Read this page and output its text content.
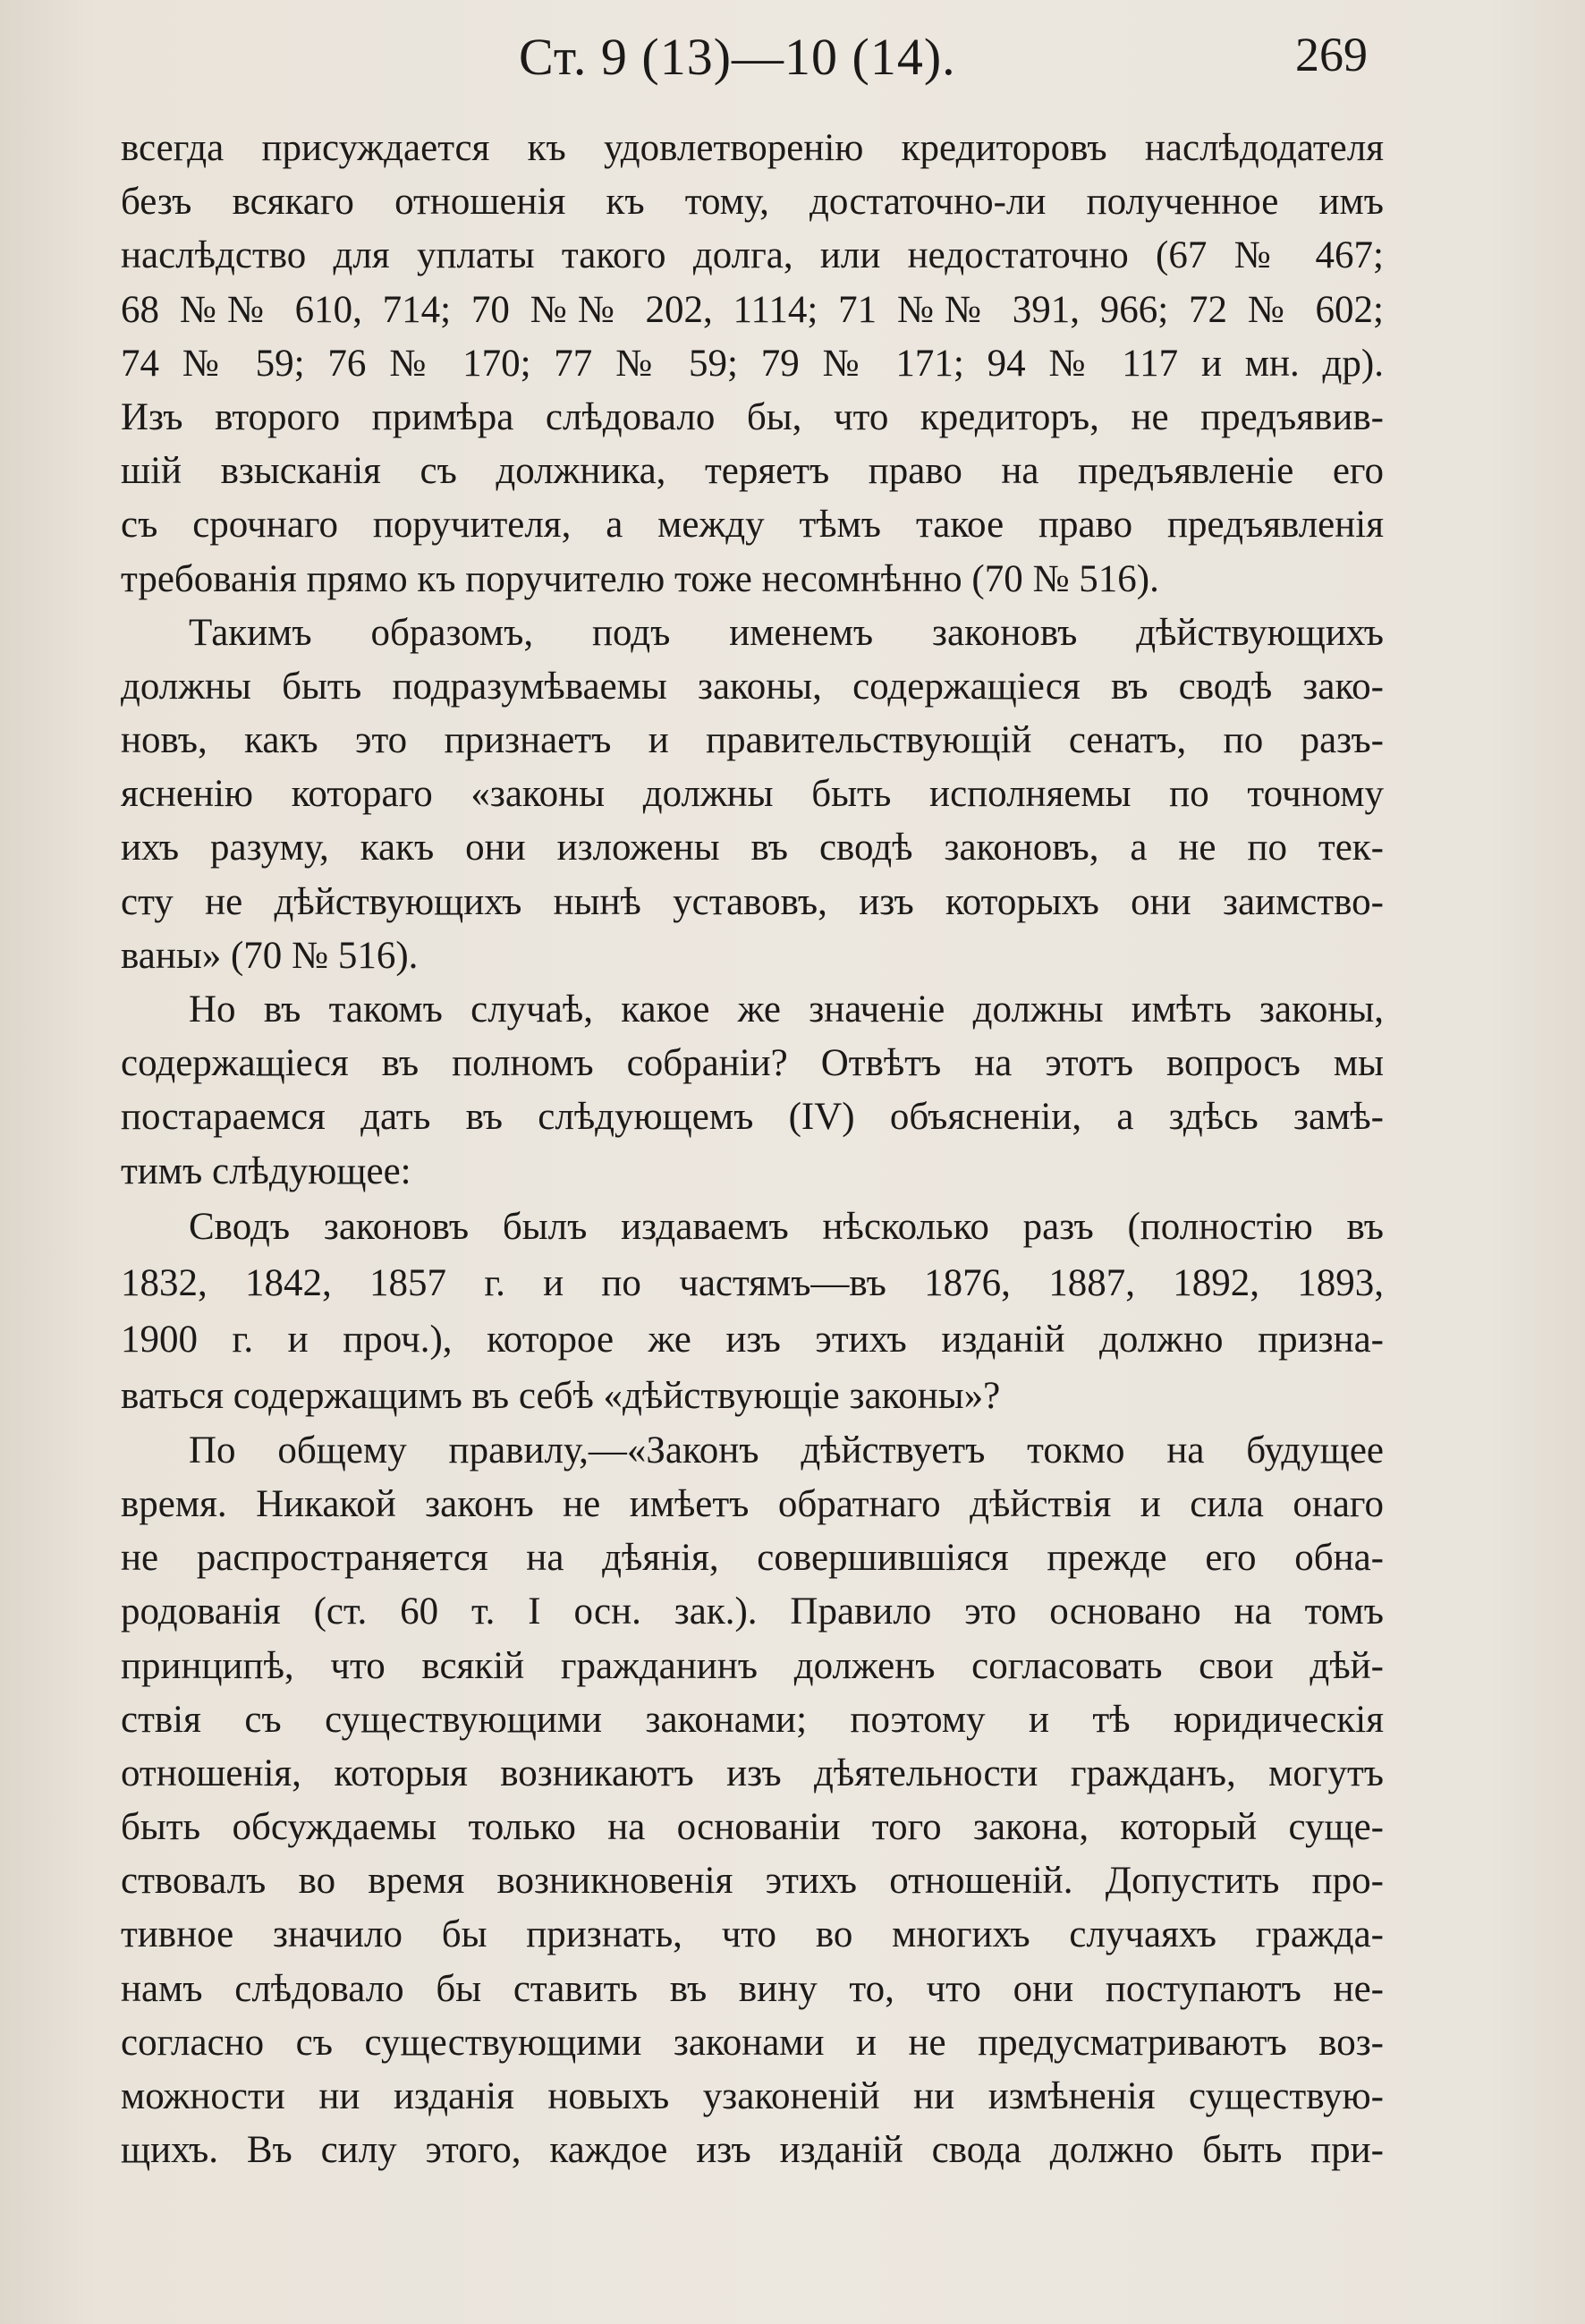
Ст. 9 (13)—10 (14).	269
всегда присуждается къ удовлетворенію кредиторовъ наслѣдодателя
безъ всякаго отношенія къ тому, достаточно-ли полученное имъ
наслѣдство для уплаты такого долга, или недостаточно (67 № 467;
68 №№ 610, 714; 70 №№ 202, 1114; 71 №№ 391, 966; 72 № 602;
74 № 59; 76 № 170; 77 № 59; 79 № 171; 94 № 117 и мн. др).
Изъ второго примѣра слѣдовало бы, что кредиторъ, не предъявив-
шій взысканія съ должника, теряетъ право на предъявленіе его
съ срочнаго поручителя, а между тѣмъ такое право предъявленія
требованія прямо къ поручителю тоже несомнѣнно (70 № 516).
Такимъ образомъ, подъ именемъ законовъ дѣйствующихъ
должны быть подразумѣваемы законы, содержащіеся въ сводѣ зако-
новъ, какъ это признаетъ и правительствующій сенатъ, по разъ-
ясненію котораго «законы должны быть исполняемы по точному
ихъ разуму, какъ они изложены въ сводѣ законовъ, а не по тек-
сту не дѣйствующихъ нынѣ уставовъ, изъ которыхъ они заимство-
ваны» (70 № 516).
Но въ такомъ случаѣ, какое же значеніе должны имѣть законы,
содержащіеся въ полномъ собраніи? Отвѣтъ на этотъ вопросъ мы
постараемся дать въ слѣдующемъ (IV) объясненіи, а здѣсь замѣ-
тимъ слѣдующее:
Сводъ законовъ былъ издаваемъ нѣсколько разъ (полностію въ
1832, 1842, 1857 г. и по частямъ—въ 1876, 1887, 1892, 1893,
1900 г. и проч.), которое же изъ этихъ изданій должно призна-
ваться содержащимъ въ себѣ «дѣйствующіе законы»?
По общему правилу,—«Законъ дѣйствуетъ токмо на будущее
время. Никакой законъ не имѣетъ обратнаго дѣйствія и сила онаго
не распространяется на дѣянія, совершившіяся прежде его обна-
родованія (ст. 60 т. I осн. зак.). Правило это основано на томъ
принципѣ, что всякій гражданинъ долженъ согласовать свои дѣй-
ствія съ существующими законами; поэтому и тѣ юридическія
отношенія, которыя возникаютъ изъ дѣятельности гражданъ, могутъ
быть обсуждаемы только на основаніи того закона, который суще-
ствовалъ во время возникновенія этихъ отношеній. Допустить про-
тивное значило бы признать, что во многихъ случаяхъ гражда-
намъ слѣдовало бы ставить въ вину то, что они поступаютъ не-
согласно съ существующими законами и не предусматриваютъ воз-
можности ни изданія новыхъ узаконеній ни измѣненія существую-
щихъ. Въ силу этого, каждое изъ изданій свода должно быть при-
